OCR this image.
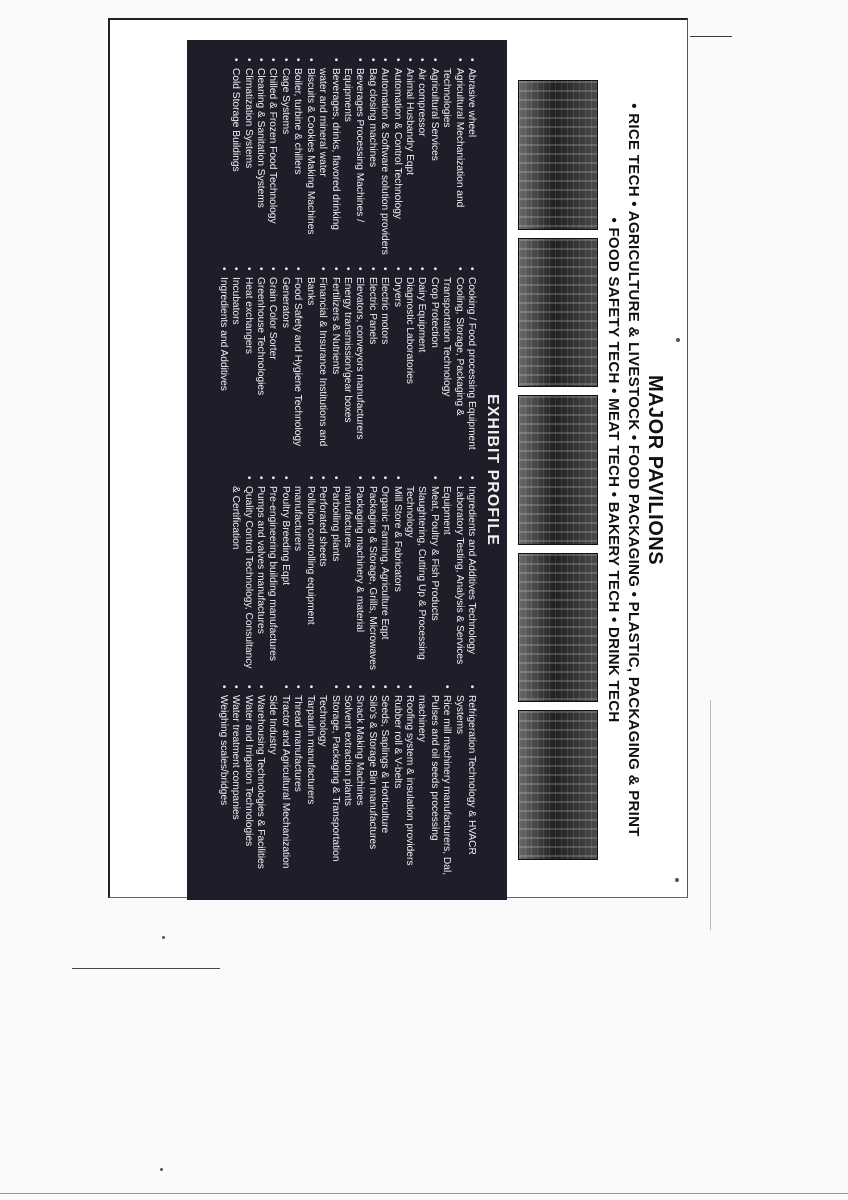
MAJOR PAVILIONS
• RICE TECH • AGRICULTURE & LIVESTOCK • FOOD PACKAGING • PLASTIC, PACKAGING & PRINT
• FOOD SAFETY TECH • MEAT TECH • BAKERY TECH • DRINK TECH
EXHIBIT PROFILE
• Abrasive wheel
• Agricultural Mechanization and Technologies
• Agricultural Services
• Air compressor
• Animal Husbandry Eqpt
• Automation & Control Technology
• Automation & Software solution providers
• Bag closing machines
• Beverages Processing Machines / Equipments
• Beverages, drinks, flavored drinking water and mineral water
• Biscuits & Cookies Making Machines
• Boiler, turbine & chillers
• Cage Systems
• Chilled & Frozen Food Technology
• Cleaning & Sanitation Systems
• Climatization Systems
• Cold Storage Buildings
• Cooking / Food processing Equipment
• Cooling, Storage, Packaging & Transportation Technology
• Crop Protection
• Dairy Equipment
• Diagnostic Laboratories
• Dryers
• Electric motors
• Electric Panels
• Elevators, conveyors manufacturers
• Energy transmission/gear boxes
• Fertilizers & Nutrients
• Financial & Insurance Institutions and Banks
• Food Safety and Hygiene Technology
• Generators
• Grain Color Sorter
• Greenhouse Technologies
• Heat exchangers
• Incubators
• Ingredients and Additives
• Ingredients and Additives Technology
• Laboratory Testing, Analysis & Services Equipment
• Meat, Poultry & Fish Products Slaughtering, Cutting Up & Processing Technology
• Mill Store & Fabricators
• Organic Farming, Agriculture Eqpt
• Packaging & Storage, Grills, Microwaves
• Packaging machinery & material manufactures
• Parboiling plants
• Perforated sheets
• Pollution controlling equipment manufacturers
• Poultry Breeding Eqpt
• Pre-engineering building manufactures
• Pumps and valves manufactures
• Quality Control Technology, Consultancy & Certification
• Refrigeration Technology & HVACR Systems
• Rice mill machinery manufacturers, Dal, Pulses and oil seeds processing machinery
• Roofing system & insulation providers
• Rubber roll & V-belts
• Seeds, Saplings & Horticulture
• Silo's & Storage Bin manufactures
• Snack Making Machines
• Solvent extraction plants
• Storage, Packaging & Transportation Technology
• Tarpaulin manufacturers
• Thread manufactures
• Tractor and Agricultural Mechanization Side Industry
• Warehousing Technologies & Facilities
• Water and Irrigation Technologies
• Water treatment companies
• Weighing scales/bridges
